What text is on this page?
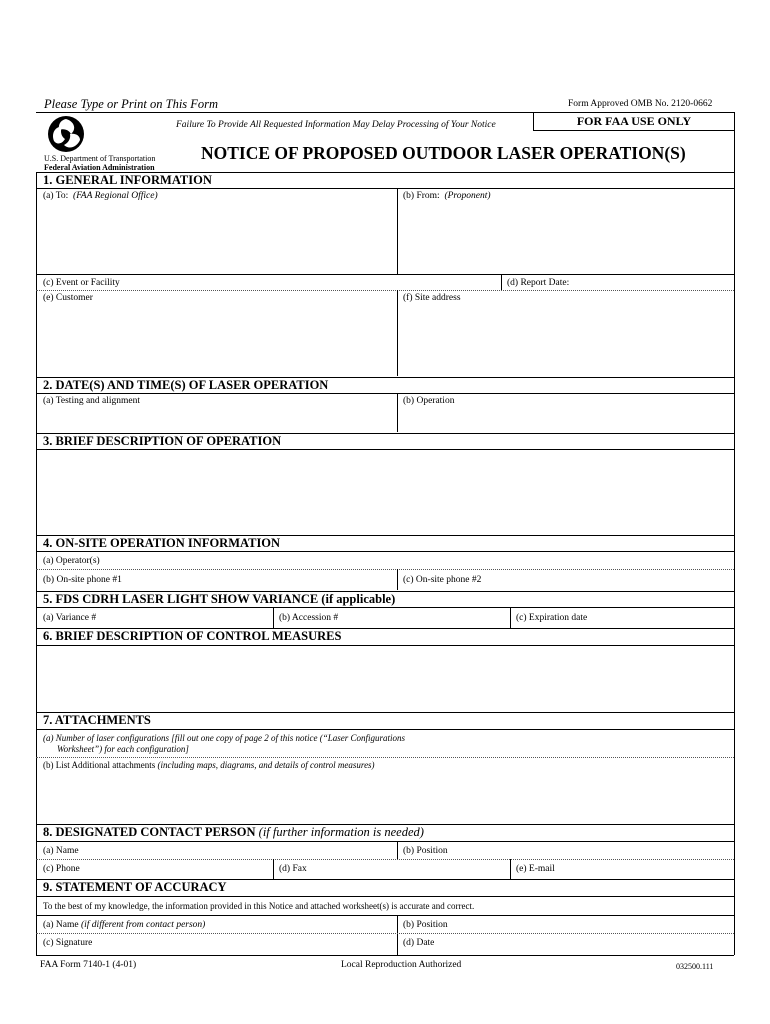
Please Type or Print on This Form	Form Approved OMB No. 2120-0662
Failure To Provide All Requested Information May Delay Processing of Your Notice	FOR FAA USE ONLY
U.S. Department of Transportation
Federal Aviation Administration
NOTICE OF PROPOSED OUTDOOR LASER OPERATION(S)
1. GENERAL INFORMATION
(a) To: (FAA Regional Office)	(b) From: (Proponent)
(c) Event or Facility	(d) Report Date:
(e) Customer	(f) Site address
2. DATE(S) AND TIME(S) OF LASER OPERATION
(a) Testing and alignment	(b) Operation
3. BRIEF DESCRIPTION OF OPERATION
4. ON-SITE OPERATION INFORMATION
(a) Operator(s)
(b) On-site phone #1	(c) On-site phone #2
5. FDS CDRH LASER LIGHT SHOW VARIANCE (if applicable)
(a) Variance #	(b) Accession #	(c) Expiration date
6. BRIEF DESCRIPTION OF CONTROL MEASURES
7. ATTACHMENTS
(a) Number of laser configurations [fill out one copy of page 2 of this notice (“Laser Configurations
Worksheet”) for each configuration]
(b) List Additional attachments (including maps, diagrams, and details of control measures)
8. DESIGNATED CONTACT PERSON (if further information is needed)
(a) Name	(b) Position
(c) Phone	(d) Fax	(e) E-mail
9. STATEMENT OF ACCURACY
To the best of my knowledge, the information provided in this Notice and attached worksheet(s) is accurate and correct.
(a) Name (if different from contact person)	(b) Position
(c) Signature	(d) Date
FAA Form 7140-1 (4-01)	Local Reproduction Authorized	032500.111
